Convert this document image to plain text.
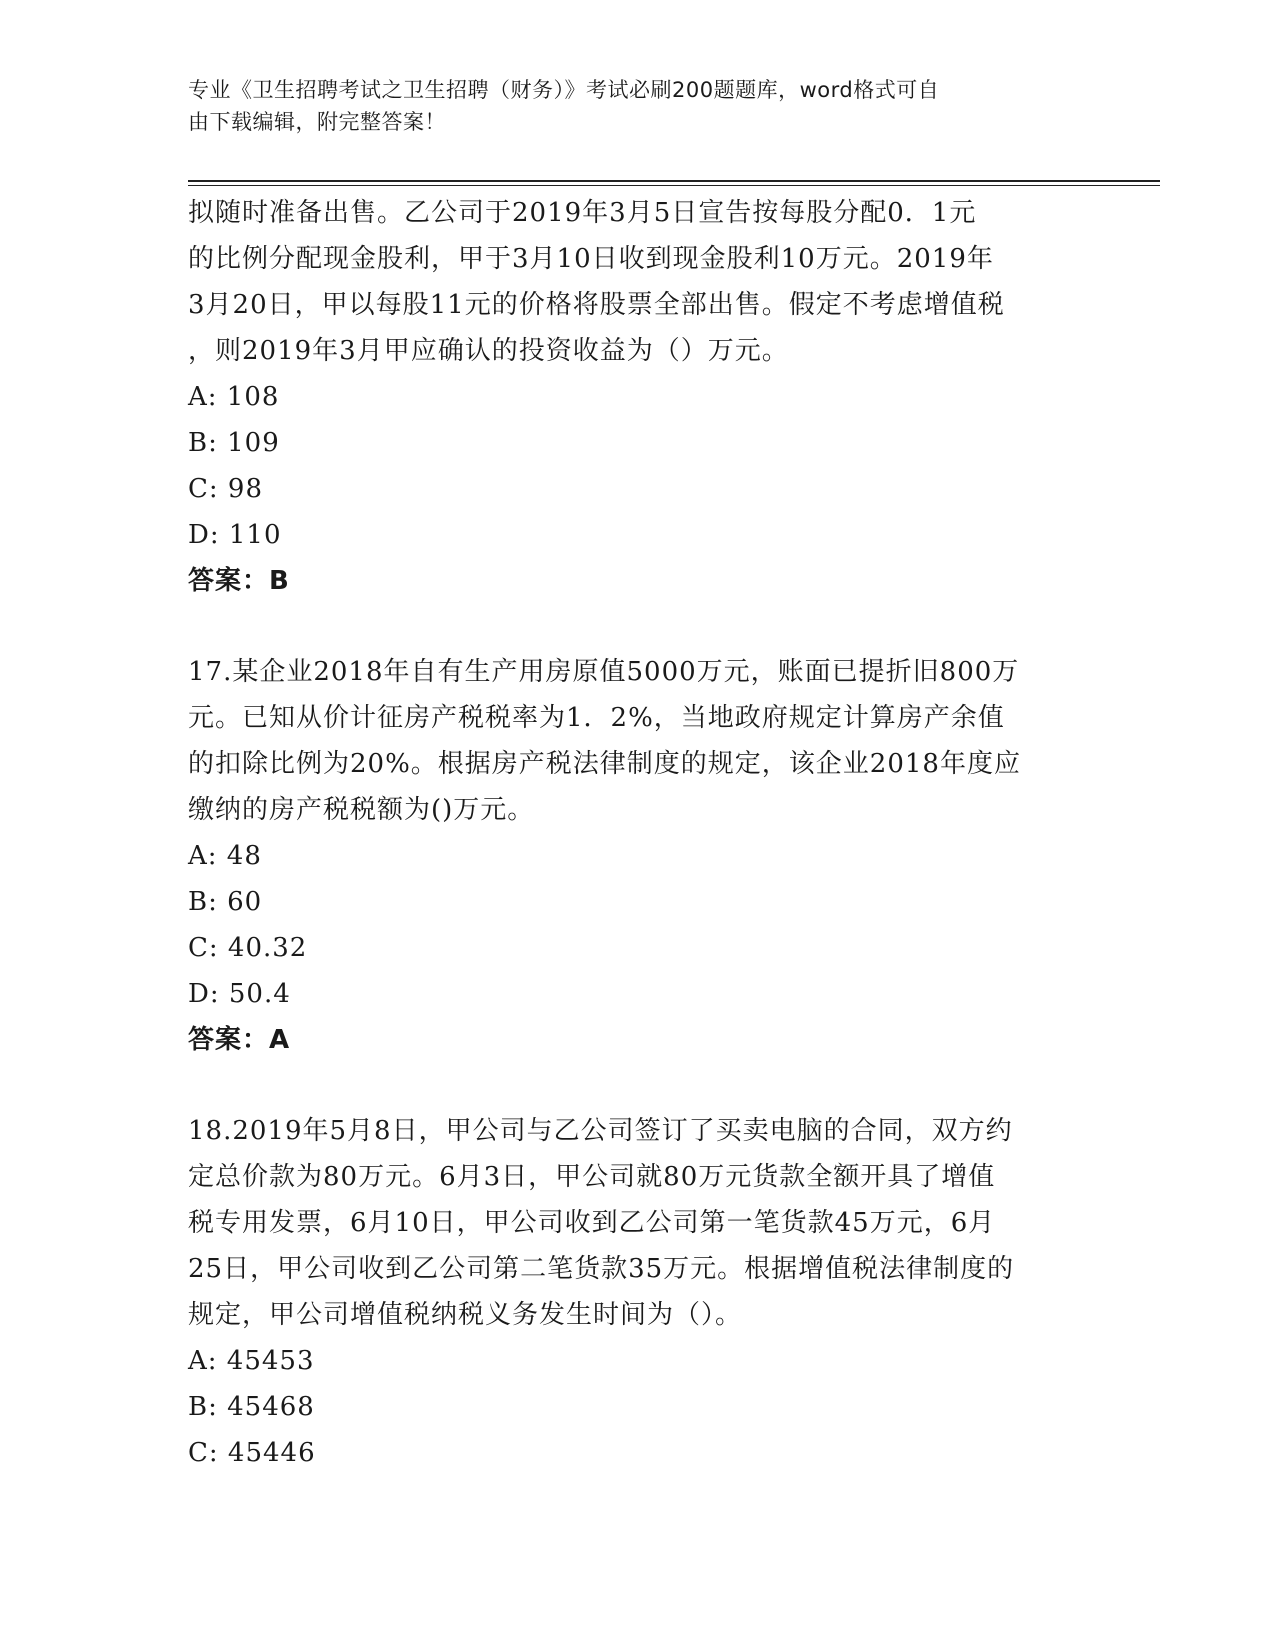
专业《卫生招聘考试之卫生招聘（财务）》考试必刷200题题库，word格式可自
由下载编辑，附完整答案！
拟随时准备出售。乙公司于2019年3月5日宣告按每股分配0．1元
的比例分配现金股利，甲于3月10日收到现金股利10万元。2019年
3月20日，甲以每股11元的价格将股票全部出售。假定不考虑增值税
，则2019年3月甲应确认的投资收益为（）万元。
A: 108
B: 109
C: 98
D: 110
答案：B
17.某企业2018年自有生产用房原值5000万元，账面已提折旧800万
元。已知从价计征房产税税率为1．2%，当地政府规定计算房产余值
的扣除比例为20%。根据房产税法律制度的规定，该企业2018年度应
缴纳的房产税税额为()万元。
A: 48
B: 60
C: 40.32
D: 50.4
答案：A
18.2019年5月8日，甲公司与乙公司签订了买卖电脑的合同，双方约
定总价款为80万元。6月3日，甲公司就80万元货款全额开具了增值
税专用发票，6月10日，甲公司收到乙公司第一笔货款45万元，6月
25日，甲公司收到乙公司第二笔货款35万元。根据增值税法律制度的
规定，甲公司增值税纳税义务发生时间为（）。
A: 45453
B: 45468
C: 45446
